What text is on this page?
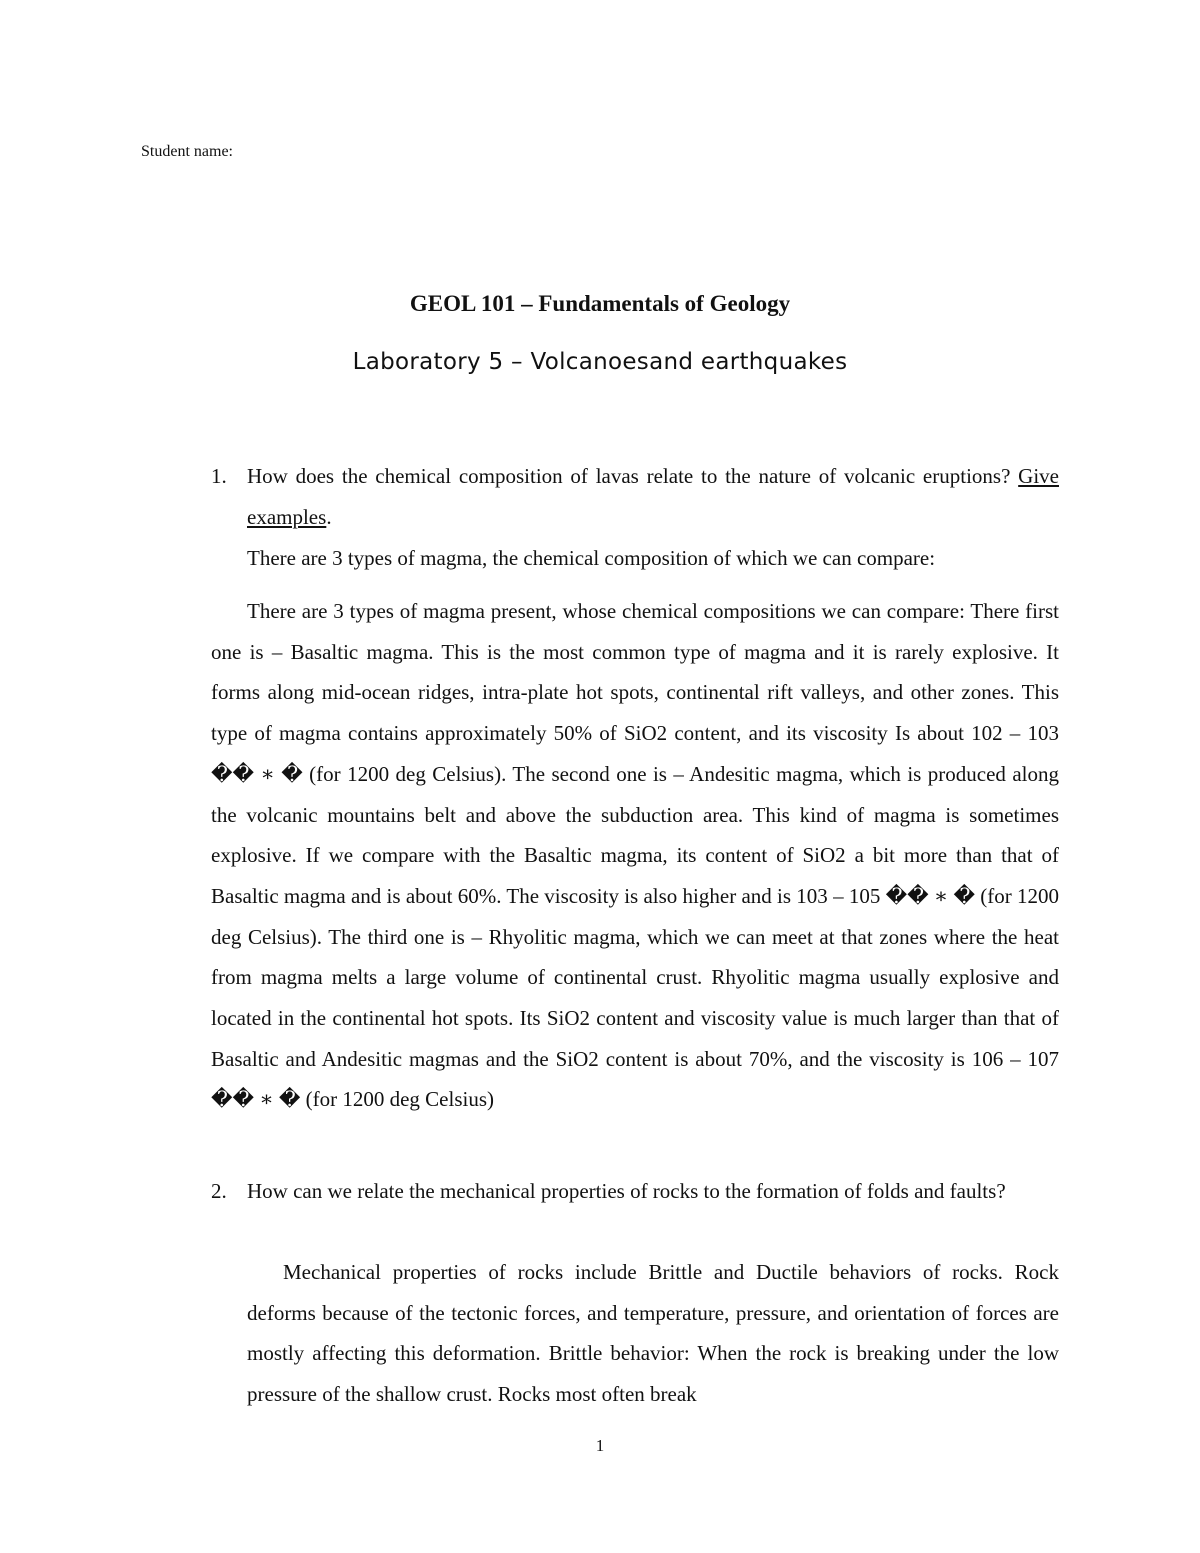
Student name:
GEOL 101 – Fundamentals of Geology
Laboratory 5 – Volcanoesand earthquakes
1. How does the chemical composition of lavas relate to the nature of volcanic eruptions? Give examples.
There are 3 types of magma, the chemical composition of which we can compare:
There are 3 types of magma present, whose chemical compositions we can compare: There first one is – Basaltic magma. This is the most common type of magma and it is rarely explosive. It forms along mid-ocean ridges, intra-plate hot spots, continental rift valleys, and other zones. This type of magma contains approximately 50% of SiO2 content, and its viscosity Is about 102 – 103 �� ∗ � (for 1200 deg Celsius). The second one is – Andesitic magma, which is produced along the volcanic mountains belt and above the subduction area. This kind of magma is sometimes explosive. If we compare with the Basaltic magma, its content of SiO2 a bit more than that of Basaltic magma and is about 60%. The viscosity is also higher and is 103 – 105 �� ∗ � (for 1200 deg Celsius). The third one is – Rhyolitic magma, which we can meet at that zones where the heat from magma melts a large volume of continental crust. Rhyolitic magma usually explosive and located in the continental hot spots. Its SiO2 content and viscosity value is much larger than that of Basaltic and Andesitic magmas and the SiO2 content is about 70%, and the viscosity is 106 – 107 �� ∗ � (for 1200 deg Celsius)
2. How can we relate the mechanical properties of rocks to the formation of folds and faults?
Mechanical properties of rocks include Brittle and Ductile behaviors of rocks. Rock deforms because of the tectonic forces, and temperature, pressure, and orientation of forces are mostly affecting this deformation. Brittle behavior: When the rock is breaking under the low pressure of the shallow crust. Rocks most often break
1
